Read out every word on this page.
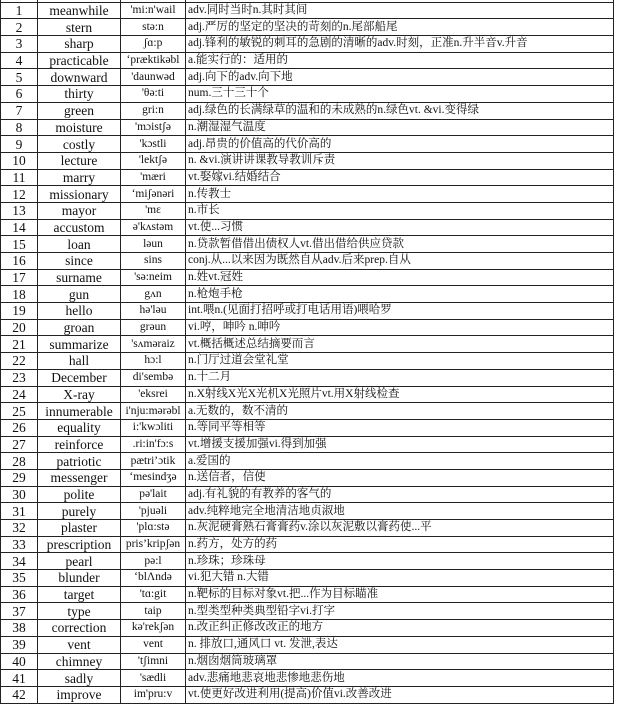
1	meanwhile	'mi:n'wail	adv.同时当时n.其时其间
2	stern	stə:n	adj.严厉的坚定的坚决的苛刻的n.尾部船尾
3	sharp	ʃɑ:p	adj.锋利的敏锐的刺耳的急剧的清晰的adv.时刻，正准n.升半音v.升音
4	practicable	‘præktikəbl	a.能实行的：适用的
5	downward	'daunwəd	adj.向下的adv.向下地
6	thirty	'θə:ti	num.三十三十个
7	green	gri:n	adj.绿色的长满绿草的温和的未成熟的n.绿色vt. &vi.变得绿
8	moisture	'mɔistʃə	n.潮湿湿气温度
9	costly	'kɔstli	adj.昂贵的价值高的代价高的
10	lecture	'lektʃə	n. &vi.演讲讲课教导教训斥责
11	marry	'mæri	vt.娶嫁vi.结婚结合
12	missionary	‘miʃənəri	n.传教士
13	mayor	'mɛ	n.市长
14	accustom	ə'kʌstəm	vt.使...习惯
15	loan	ləun	n.贷款暂借借出债权人vt.借出借给供应贷款
16	since	sins	conj.从...以来因为既然自从adv.后来prep.自从
17	surname	'sə:neim	n.姓vt.冠姓
18	gun	gʌn	n.枪炮手枪
19	hello	hə'ləu	int.喂n.(见面打招呼或打电话用语)喂哈罗
20	groan	grəun	vi.哼，呻吟 n.呻吟
21	summarize	'sʌməraiz	vt.概括概述总结摘要而言
22	hall	hɔ:l	n.门厅过道会堂礼堂
23	December	di'sembə	n.十二月
24	X-ray	'eksrei	n.X射线X光X光机X光照片vt.用X射线检查
25	innumerable	i'nju:mərəbl	a.无数的，数不清的
26	equality	i:'kwɔliti	n.等同平等相等
27	reinforce	.ri:in'fɔ:s	vt.增援支援加强vi.得到加强
28	patriotic	pætri’ɔtik	a.爱国的
29	messenger	‘mesindʒə	n.送信者，信使
30	polite	pə'lait	adj.有礼貌的有教养的客气的
31	purely	'pjuəli	adv.纯粹地完全地清洁地贞淑地
32	plaster	'plɑ:stə	n.灰泥硬膏熟石膏膏药v.涂以灰泥敷以膏药使...平
33	prescription	pris’kripʃən	n.药方，处方的药
34	pearl	pə:l	n.珍珠；珍珠母
35	blunder	‘blΛndə	vi.犯大错 n.大错
36	target	'tɑ:git	n.靶标的目标对象vt.把...作为目标瞄准
37	type	taip	n.型类型种类典型铅字vi.打字
38	correction	kə'rekʃən	n.改正纠正修改改正的地方
39	vent	vent	n. 排放口,通风口 vt. 发泄,表达
40	chimney	'tʃimni	n.烟囱烟筒玻璃罩
41	sadly	'sædli	adv.悲痛地悲哀地悲惨地悲伤地
42	improve	im'pru:v	vt.使更好改进利用(提高)价值vi.改善改进
